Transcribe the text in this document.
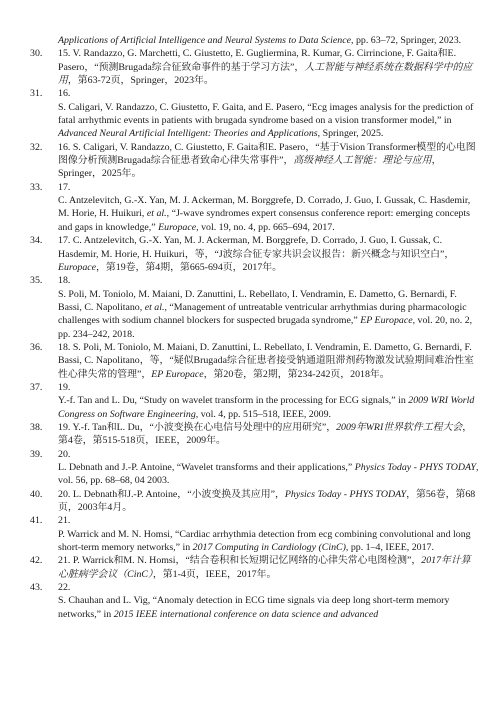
Applications of Artificial Intelligence and Neural Systems to Data Science, pp. 63–72, Springer, 2023.
30.	15. V. Randazzo, G. Marchetti, C. Giustetto, E. Gugliermina, R. Kumar, G. Cirrincione, F. Gaita和E. Pasero，“预测Brugada综合征致命事件的基于学习方法”，人工智能与神经系统在数据科学中的应用，第63-72页，Springer，2023年。
31.	16.
S. Caligari, V. Randazzo, C. Giustetto, F. Gaita, and E. Pasero, “Ecg images analysis for the prediction of fatal arrhythmic events in patients with brugada syndrome based on a vision transformer model,” in Advanced Neural Artificial Intelligent: Theories and Applications, Springer, 2025.
32.	16. S. Caligari, V. Randazzo, C. Giustetto, F. Gaita和E. Pasero，“基于Vision Transformer模型的心电图图像分析预测Brugada综合征患者致命心律失常事件”，高级神经人工智能：理论与应用，Springer，2025年。
33.	17.
C. Antzelevitch, G.-X. Yan, M. J. Ackerman, M. Borggrefe, D. Corrado, J. Guo, I. Gussak, C. Hasdemir, M. Horie, H. Huikuri, et al., “J-wave syndromes expert consensus conference report: emerging concepts and gaps in knowledge,” Europace, vol. 19, no. 4, pp. 665–694, 2017.
34.	17. C. Antzelevitch, G.-X. Yan, M. J. Ackerman, M. Borggrefe, D. Corrado, J. Guo, I. Gussak, C. Hasdemir, M. Horie, H. Huikuri，等，“J波综合征专家共识会议报告：新兴概念与知识空白”，Europace，第19卷，第4期，第665-694页，2017年。
35.	18.
S. Poli, M. Toniolo, M. Maiani, D. Zanuttini, L. Rebellato, I. Vendramin, E. Dametto, G. Bernardi, F. Bassi, C. Napolitano, et al., “Management of untreatable ventricular arrhythmias during pharmacologic challenges with sodium channel blockers for suspected brugada syndrome,” EP Europace, vol. 20, no. 2, pp. 234–242, 2018.
36.	18. S. Poli, M. Toniolo, M. Maiani, D. Zanuttini, L. Rebellato, I. Vendramin, E. Dametto, G. Bernardi, F. Bassi, C. Napolitano，等，“疑似Brugada综合征患者接受钠通道阻滞剂药物激发试验期间难治性室性心律失常的管理”，EP Europace，第20卷，第2期，第234-242页，2018年。
37.	19.
Y.-f. Tan and L. Du, “Study on wavelet transform in the processing for ECG signals,” in 2009 WRI World Congress on Software Engineering, vol. 4, pp. 515–518, IEEE, 2009.
38.	19. Y.-f. Tan和L. Du，“小波变换在心电信号处理中的应用研究”，2009年WRI世界软件工程大会，第4卷，第515-518页，IEEE，2009年。
39.	20.
L. Debnath and J.-P. Antoine, “Wavelet transforms and their applications,” Physics Today - PHYS TODAY, vol. 56, pp. 68–68, 04 2003.
40.	20. L. Debnath和J.-P. Antoine，“小波变换及其应用”，Physics Today - PHYS TODAY，第56卷，第68页，2003年4月。
41.	21.
P. Warrick and M. N. Homsi, “Cardiac arrhythmia detection from ecg combining convolutional and long short-term memory networks,” in 2017 Computing in Cardiology (CinC), pp. 1–4, IEEE, 2017.
42.	21. P. Warrick和M. N. Homsi，“结合卷积和长短期记忆网络的心律失常心电图检测”，2017年计算心脏病学会议（CinC），第1-4页，IEEE，2017年。
43.	22.
S. Chauhan and L. Vig, “Anomaly detection in ECG time signals via deep long short-term memory networks,” in 2015 IEEE international conference on data science and advanced
